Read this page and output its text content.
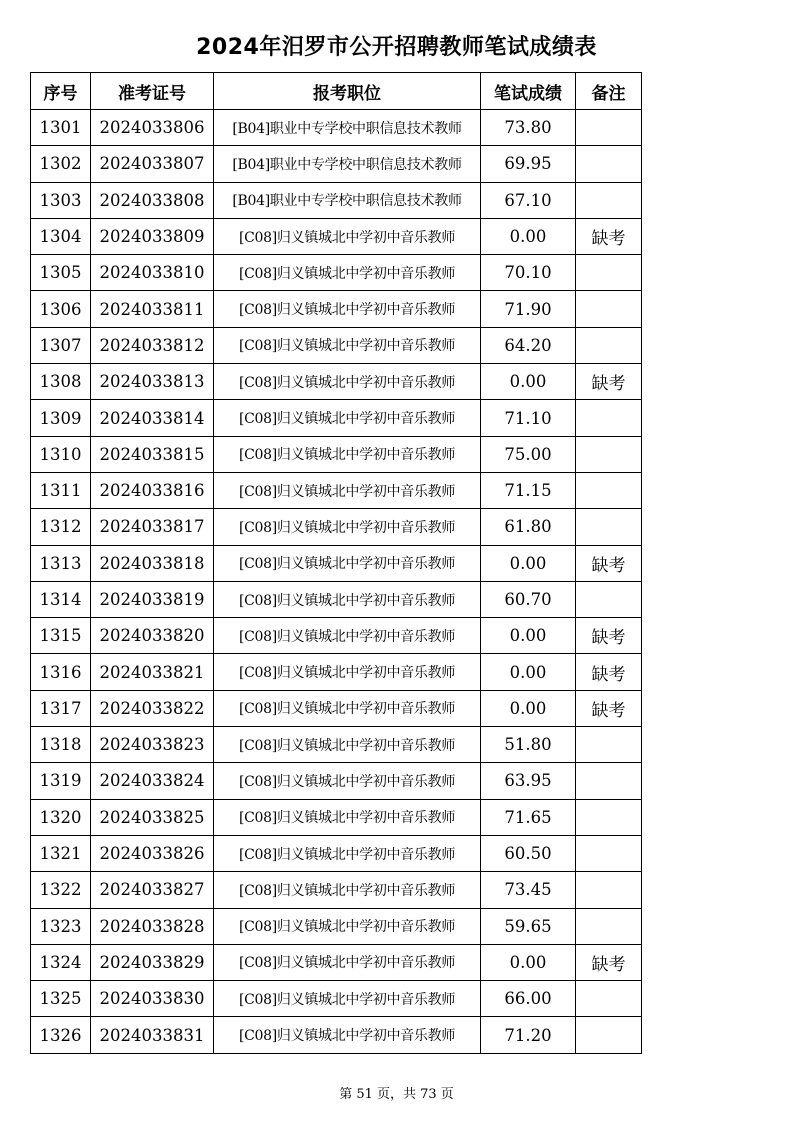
2024年汨罗市公开招聘教师笔试成绩表
序号	准考证号	报考职位	笔试成绩	备注
1301	2024033806	[B04]职业中专学校中职信息技术教师	73.80	
1302	2024033807	[B04]职业中专学校中职信息技术教师	69.95	
1303	2024033808	[B04]职业中专学校中职信息技术教师	67.10	
1304	2024033809	[C08]归义镇城北中学初中音乐教师	0.00	缺考
1305	2024033810	[C08]归义镇城北中学初中音乐教师	70.10	
1306	2024033811	[C08]归义镇城北中学初中音乐教师	71.90	
1307	2024033812	[C08]归义镇城北中学初中音乐教师	64.20	
1308	2024033813	[C08]归义镇城北中学初中音乐教师	0.00	缺考
1309	2024033814	[C08]归义镇城北中学初中音乐教师	71.10	
1310	2024033815	[C08]归义镇城北中学初中音乐教师	75.00	
1311	2024033816	[C08]归义镇城北中学初中音乐教师	71.15	
1312	2024033817	[C08]归义镇城北中学初中音乐教师	61.80	
1313	2024033818	[C08]归义镇城北中学初中音乐教师	0.00	缺考
1314	2024033819	[C08]归义镇城北中学初中音乐教师	60.70	
1315	2024033820	[C08]归义镇城北中学初中音乐教师	0.00	缺考
1316	2024033821	[C08]归义镇城北中学初中音乐教师	0.00	缺考
1317	2024033822	[C08]归义镇城北中学初中音乐教师	0.00	缺考
1318	2024033823	[C08]归义镇城北中学初中音乐教师	51.80	
1319	2024033824	[C08]归义镇城北中学初中音乐教师	63.95	
1320	2024033825	[C08]归义镇城北中学初中音乐教师	71.65	
1321	2024033826	[C08]归义镇城北中学初中音乐教师	60.50	
1322	2024033827	[C08]归义镇城北中学初中音乐教师	73.45	
1323	2024033828	[C08]归义镇城北中学初中音乐教师	59.65	
1324	2024033829	[C08]归义镇城北中学初中音乐教师	0.00	缺考
1325	2024033830	[C08]归义镇城北中学初中音乐教师	66.00	
1326	2024033831	[C08]归义镇城北中学初中音乐教师	71.20	
第 51 页，共 73 页
